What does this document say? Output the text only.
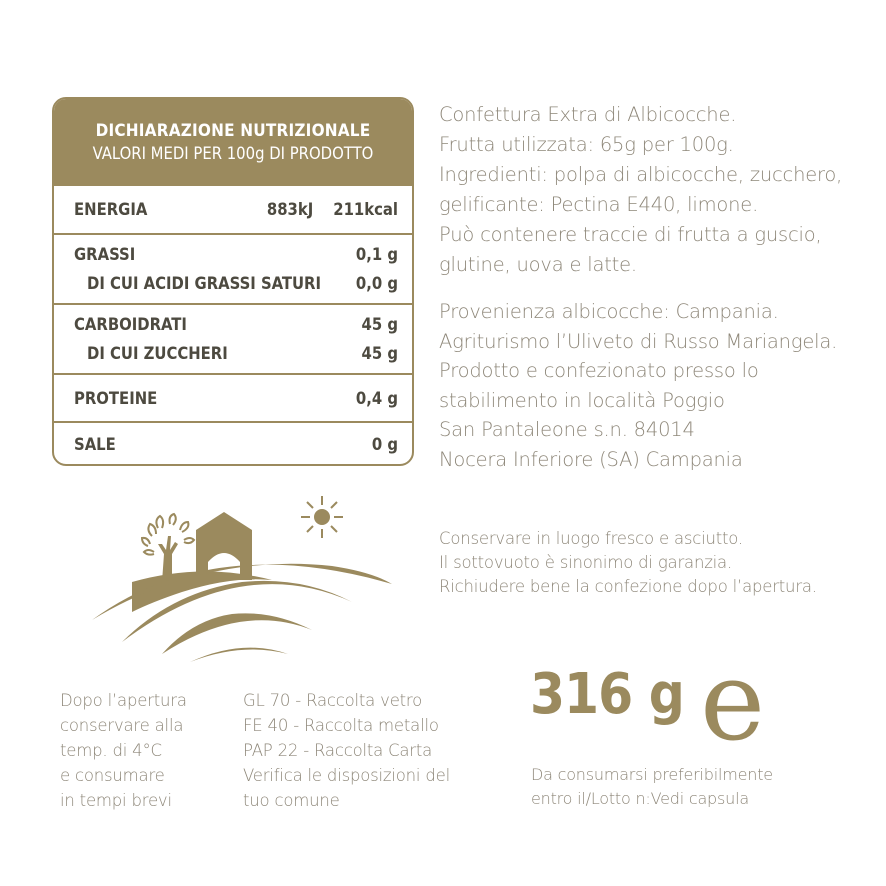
DICHIARAZIONE NUTRIZIONALE
VALORI MEDI PER 100g DI PRODOTTO
ENERGIA	883kJ 211kcal
GRASSI	0,1 g
DI CUI ACIDI GRASSI SATURI 0,0 g
CARBOIDRATI	45 g
DI CUI ZUCCHERI	45 g
PROTEINE	0,4 g
SALE	0 g
Confettura Extra di Albicocche.
Frutta utilizzata: 65g per 100g.
Ingredienti: polpa di albicocche, zucchero,
gelificante: Pectina E440, limone.
Può contenere traccie di frutta a guscio,
glutine, uova e latte.
Provenienza albicocche: Campania.
Agriturismo l’Uliveto di Russo Mariangela.
Prodotto e confezionato presso lo
stabilimento in località Poggio
San Pantaleone s.n. 84014
Nocera Inferiore (SA) Campania
Conservare in luogo fresco e asciutto.
Il sottovuoto è sinonimo di garanzia.
Richiudere bene la confezione dopo l’apertura.
Dopo l’apertura
conservare alla
temp. di 4°C
e consumare
in tempi brevi
GL 70 - Raccolta vetro
FE 40 - Raccolta metallo
PAP 22 - Raccolta Carta
Verifica le disposizioni del
tuo comune
316 g e
Da consumarsi preferibilmente
entro il/Lotto n:Vedi capsula
